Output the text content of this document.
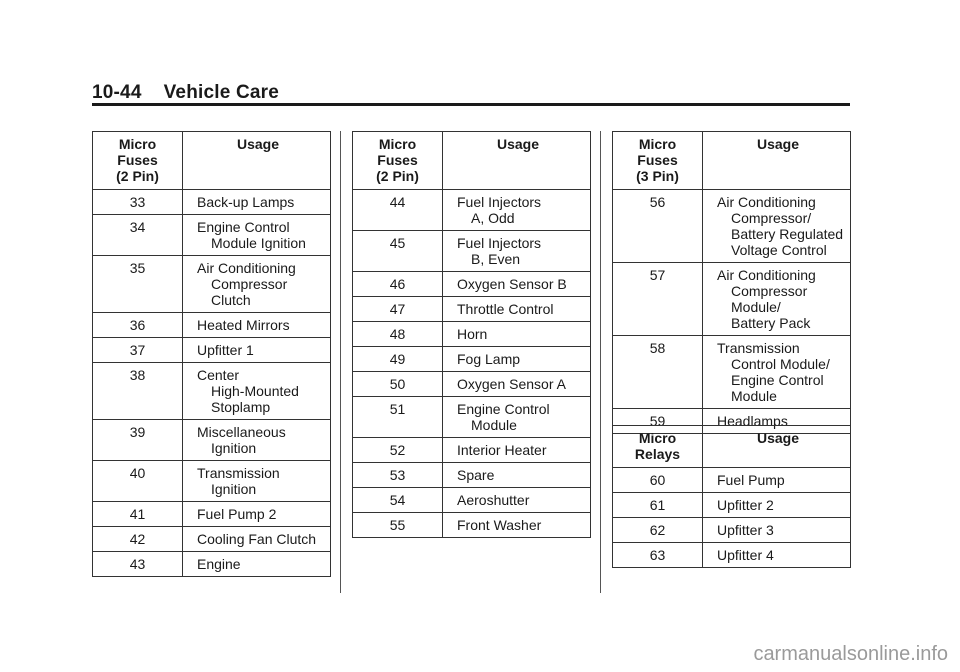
10-44 Vehicle Care
Micro Fuses
(2 Pin)	Usage

33	Back-up Lamps

34	Engine Control
Module Ignition

35	Air Conditioning
Compressor Clutch

36	Heated Mirrors

37	Upfitter 1

38	Center
High-Mounted
Stoplamp

39	Miscellaneous
Ignition

40	Transmission
Ignition

41	Fuel Pump 2

42	Cooling Fan Clutch

43	Engine
Micro Fuses
(2 Pin)	Usage

44	Fuel Injectors
A, Odd

45	Fuel Injectors
B, Even

46	Oxygen Sensor B

47	Throttle Control

48	Horn

49	Fog Lamp

50	Oxygen Sensor A

51	Engine Control
Module

52	Interior Heater

53	Spare

54	Aeroshutter

55	Front Washer
Micro Fuses
(3 Pin)	Usage

56	Air Conditioning
Compressor/
Battery Regulated
Voltage Control

57	Air Conditioning
Compressor
Module/
Battery Pack

58	Transmission
Control Module/
Engine Control
Module

59	Headlamps
Micro
Relays	Usage

60	Fuel Pump

61	Upfitter 2

62	Upfitter 3

63	Upfitter 4
carmanualsonline.info
